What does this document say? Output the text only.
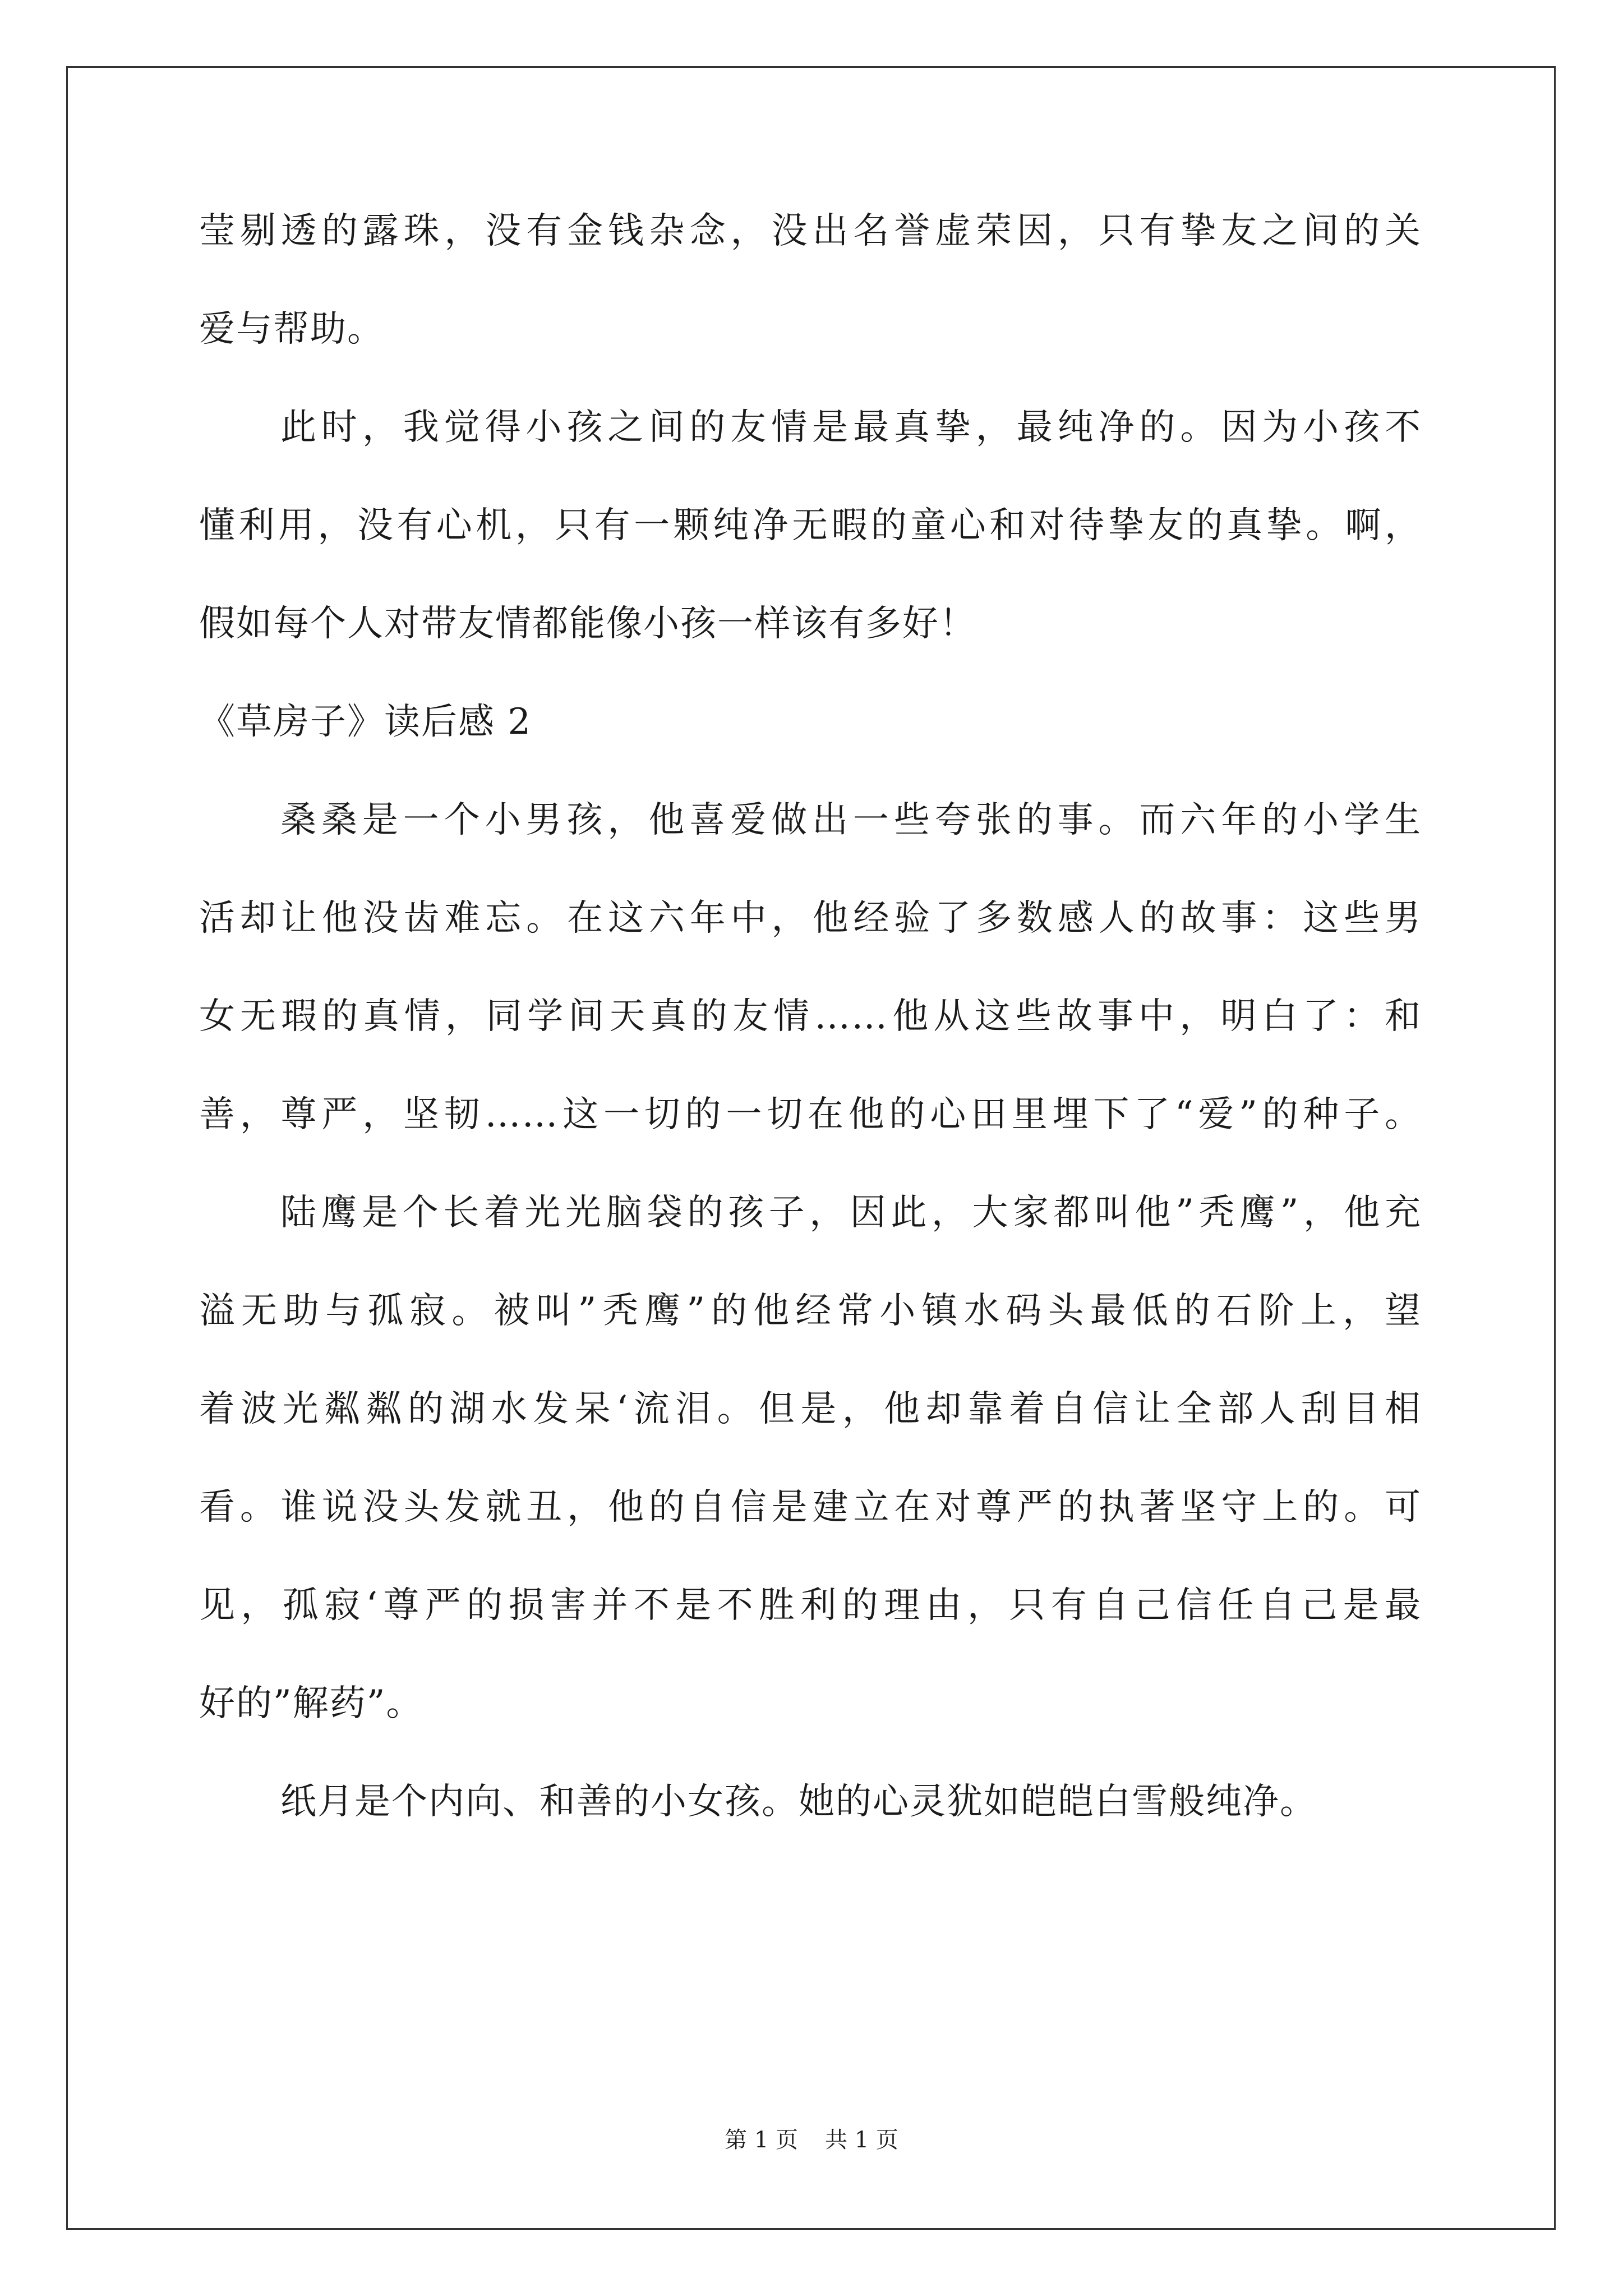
莹剔透的露珠，没有金钱杂念，没出名誉虚荣因，只有挚友之间的关
爱与帮助。
此时，我觉得小孩之间的友情是最真挚，最纯净的。因为小孩不
懂利用，没有心机，只有一颗纯净无暇的童心和对待挚友的真挚。啊，
假如每个人对带友情都能像小孩一样该有多好！
《草房子》读后感 2
桑桑是一个小男孩，他喜爱做出一些夸张的事。而六年的小学生
活却让他没齿难忘。在这六年中，他经验了多数感人的故事：这些男
女无瑕的真情，同学间天真的友情……他从这些故事中，明白了：和
善，尊严，坚韧……这一切的一切在他的心田里埋下了“爱”的种子。
陆鹰是个长着光光脑袋的孩子，因此，大家都叫他”秃鹰”，他充
溢无助与孤寂。被叫”秃鹰”的他经常小镇水码头最低的石阶上，望
着波光粼粼的湖水发呆‘流泪。但是，他却靠着自信让全部人刮目相
看。谁说没头发就丑，他的自信是建立在对尊严的执著坚守上的。可
见，孤寂‘尊严的损害并不是不胜利的理由，只有自己信任自己是最
好的”解药”。
纸月是个内向、和善的小女孩。她的心灵犹如皑皑白雪般纯净。
第 1 页 共 1 页
